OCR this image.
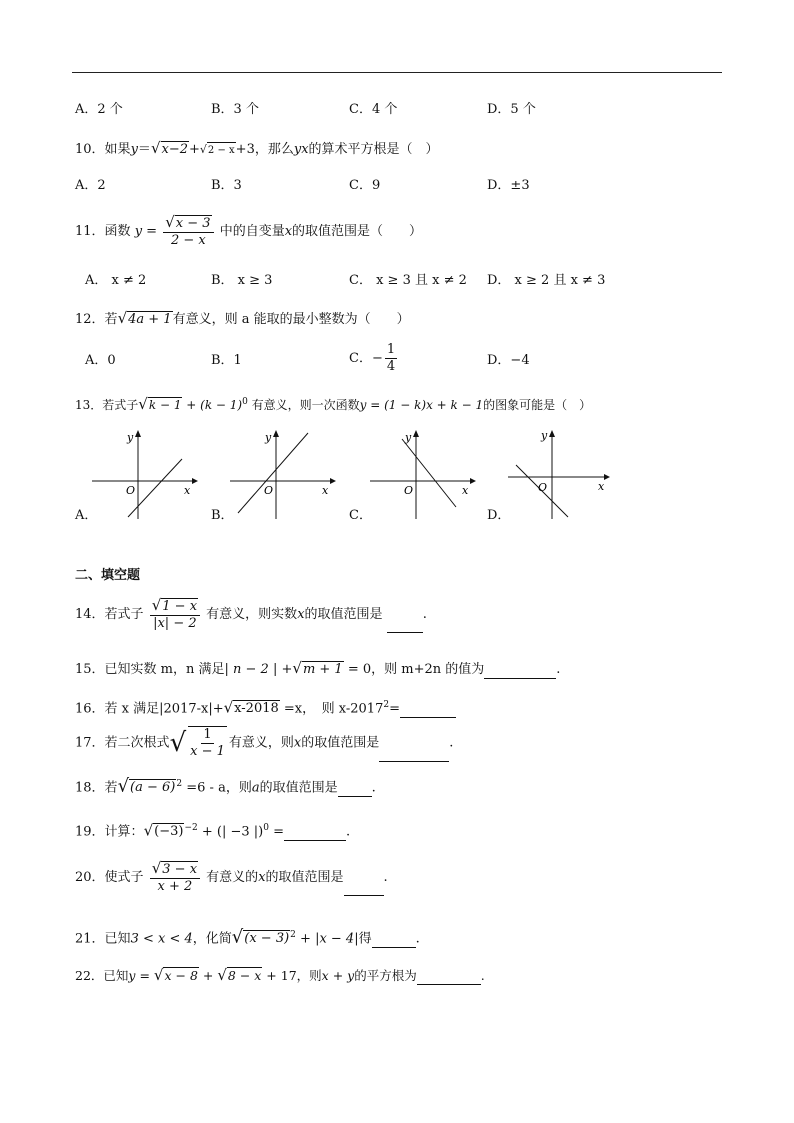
A．2 个	B．3 个	C．4 个	D．5 个
10．如果y＝√x−2+√2 − x+3，那么yx的算术平方根是（　）
A．2	B．3	C．9	D．±3
11．函数 $y = \frac{√x - 3}{2 - x}$ 中的自变量x的取值范围是（　　）
A． x ≠ 2	B． x ≥ 3	C． x ≥ 3 且 x ≠ 2 D． x ≥ 2 且 x ≠ 3
12．若√4a + 1有意义，则 a 能取的最小整数为（　　）
A．0	B．1	C．− $\frac{1}{4}$	D．−4
13．若式子$√k - 1 + (k - 1)^0$ 有意义，则一次函数y = (1 − k)x + k − 1的图象可能是（　）
y
x
O
A．
y
x
O
B．
y
x
O
C．
y
x
O
D．
二、填空题
14．若式子 $\frac{√1 - x}{|x| - 2}$ 有意义，则实数x的取值范围是	.
15．已知实数 m，n 满足| n − 2 | +√m + 1 = 0，则 m+2n 的值为	.
16．若 x 满足|2017-x|+√x-2018 =x，　则 $x-2017^2=$
17．若二次根式√ $\frac{1}{x - 1}$ 有意义，则x的取值范围是	.
18．若$√(a - 6)^2 =6 - a$，则a的取值范围是	.
19．计算：$√(-3)^{-2}$ + (| −3 |)$^0$ =	.
20．使式子 $\frac{√3 - x}{x + 2}$ 有意义的x的取值范围是	.
21．已知3 < x < 4，化简$√(x - 3)^2 + |x - 4|$得	.
22．已知y = √x − 8 + √8 − x + 17，则x + y的平方根为	.
